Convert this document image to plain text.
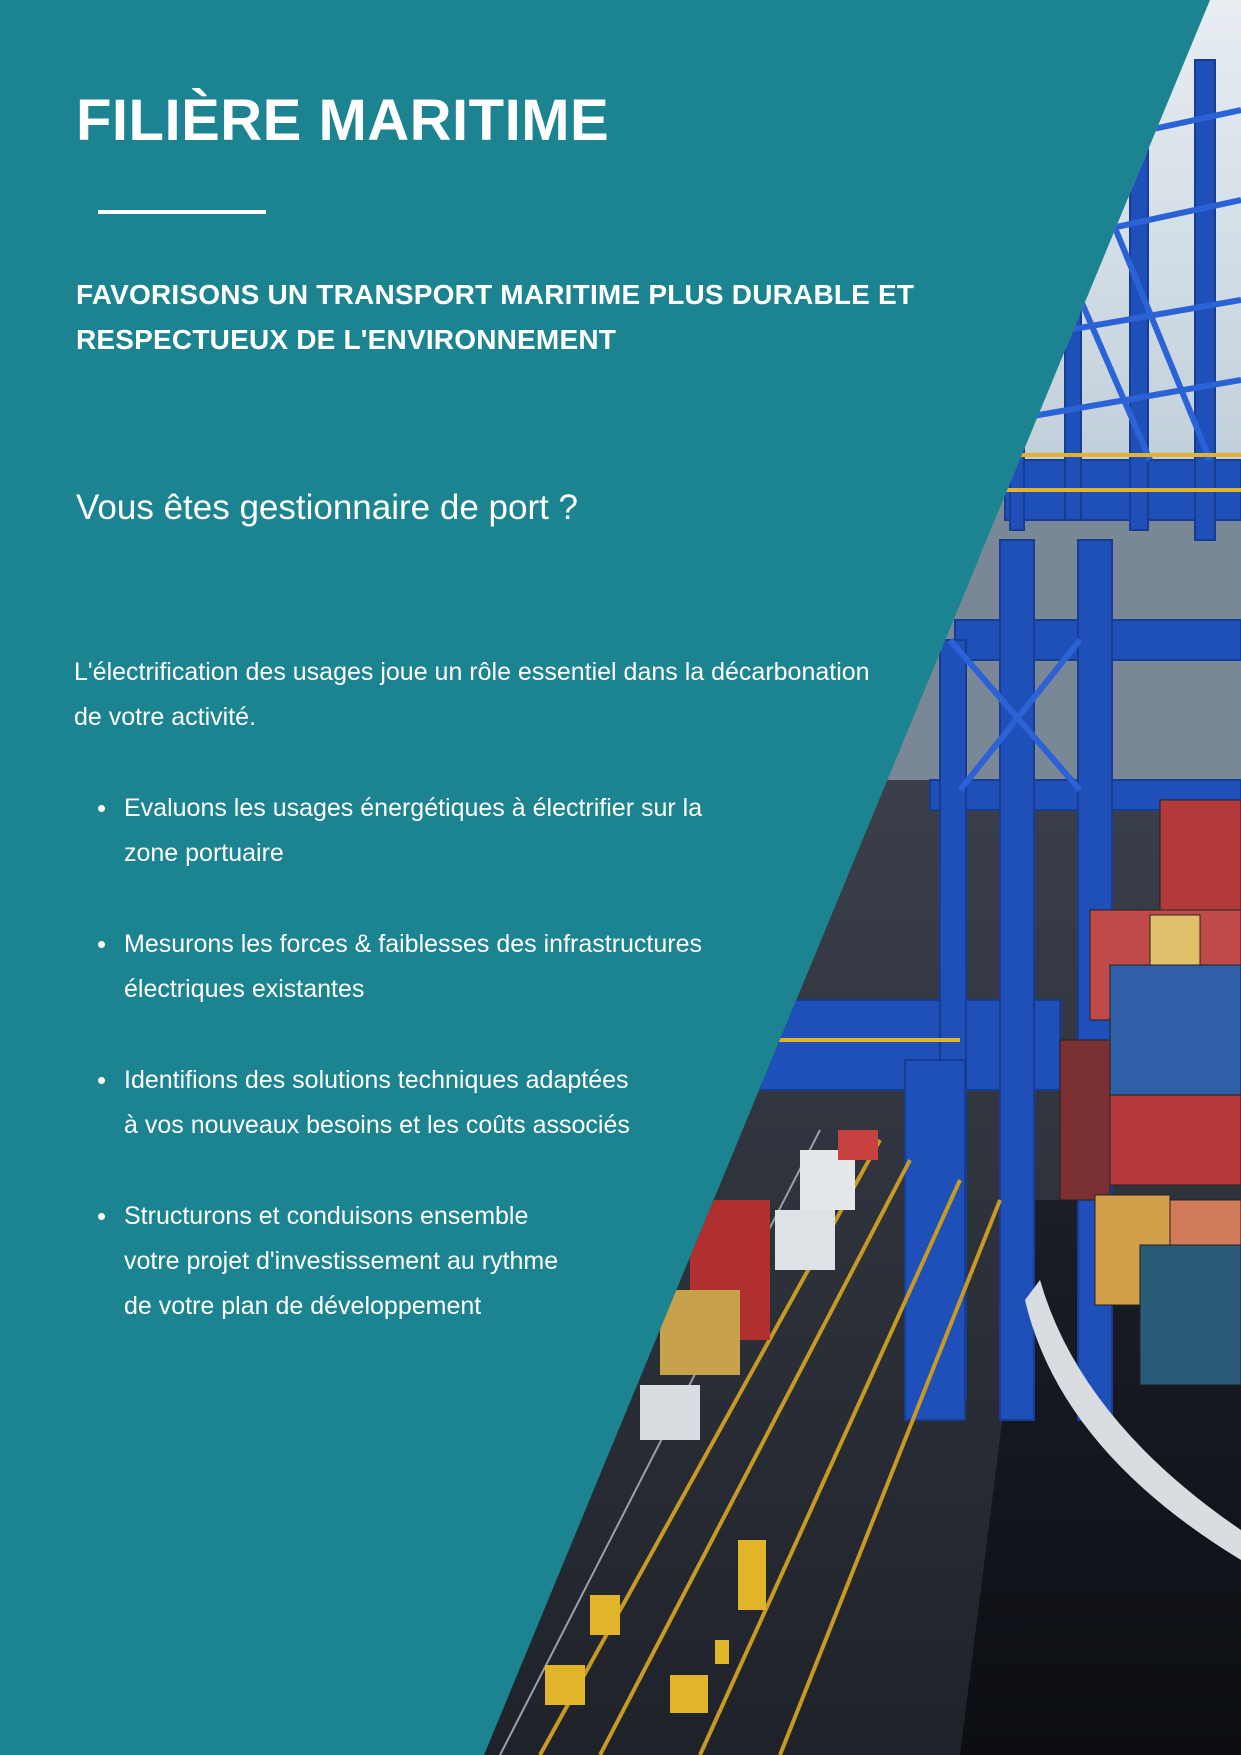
FILIÈRE MARITIME
FAVORISONS UN TRANSPORT MARITIME PLUS DURABLE ET RESPECTUEUX DE L'ENVIRONNEMENT

Vous êtes gestionnaire de port ?

L'électrification des usages joue un rôle essentiel dans la décarbonation de votre activité.

Evaluons les usages énergétiques à électrifier sur la
zone portuaire
Mesurons les forces & faiblesses des infrastructures
électriques existantes
Identifions des solutions techniques adaptées
à vos nouveaux besoins et les coûts associés
Structurons et conduisons ensemble
votre projet d'investissement au rythme
de votre plan de développement
